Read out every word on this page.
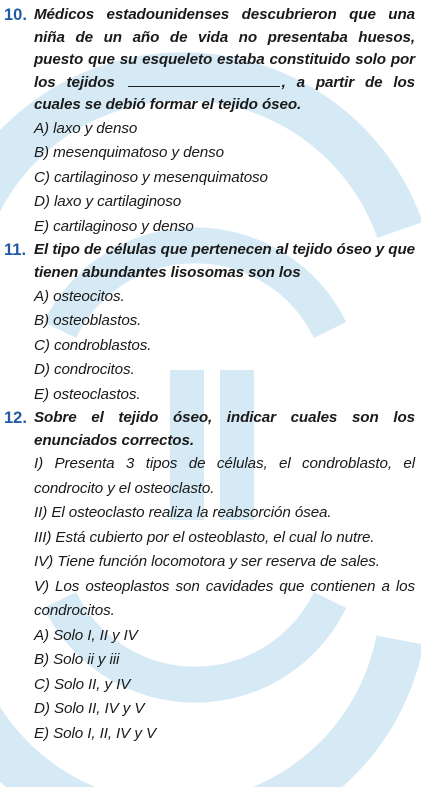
10. Médicos estadounidenses descubrieron que una niña de un año de vida no presentaba huesos, puesto que su esqueleto estaba constituido solo por los tejidos	, a partir de los cuales se debió formar el tejido óseo.
A) laxo y denso
B) mesenquimatoso y denso
C) cartilaginoso y mesenquimatoso
D) laxo y cartilaginoso
E) cartilaginoso y denso
11. El tipo de células que pertenecen al tejido óseo y que tienen abundantes lisosomas son los
A) osteocitos.
B) osteoblastos.
C) condroblastos.
D) condrocitos.
E) osteoclastos.
12. Sobre el tejido óseo, indicar cuales son los enunciados correctos.
I) Presenta 3 tipos de células, el condroblasto, el condrocito y el osteoclasto.
II) El osteoclasto realiza la reabsorción ósea.
III) Está cubierto por el osteoblasto, el cual lo nutre.
IV) Tiene función locomotora y ser reserva de sales.
V) Los osteoplastos son cavidades que contienen a los condrocitos.
A) Solo I, II y IV
B) Solo ii y iii
C) Solo II, y IV
D) Solo II, IV y V
E) Solo I, II, IV y V
